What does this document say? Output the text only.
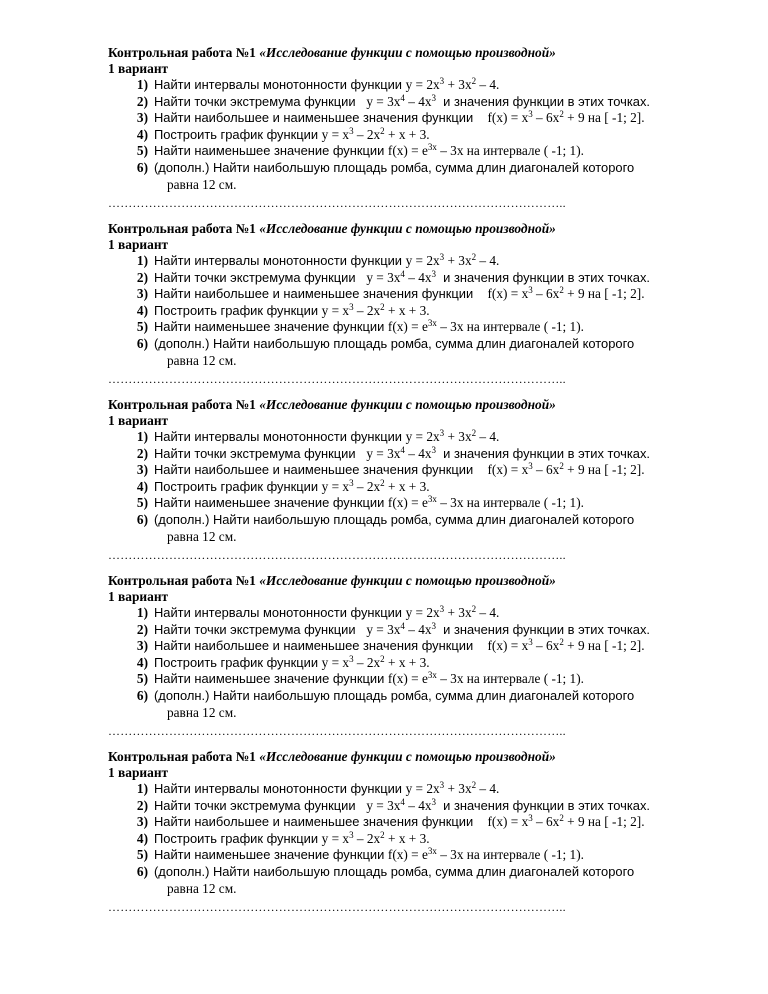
Контрольная работа №1 «Исследование функции с помощью производной»
1 вариант
1) Найти интервалы монотонности функции $y = 2x^3 + 3x^2 - 4$.
2) Найти точки экстремума функции   $y = 3x^4 - 4x^3$  и значения функции в этих точках.
3) Найти наибольшее и наименьшее значения функции    $f(x) = x^3 - 6x^2 + 9$ на [ -1; 2].
4) Построить график функции $y = x^3 - 2x^2 + x + 3$.
5) Найти наименьшее значение функции $f(x) = e^{3x} - 3x$ на интервале ( -1; 1).
6) (дополн.) Найти наибольшую площадь ромба, сумма длин диагоналей которого
равна 12 см.
…………………………………………………………………………………………………..
Контрольная работа №1 «Исследование функции с помощью производной»
1 вариант
1) Найти интервалы монотонности функции $y = 2x^3 + 3x^2 - 4$.
2) Найти точки экстремума функции   $y = 3x^4 - 4x^3$  и значения функции в этих точках.
3) Найти наибольшее и наименьшее значения функции    $f(x) = x^3 - 6x^2 + 9$ на [ -1; 2].
4) Построить график функции $y = x^3 - 2x^2 + x + 3$.
5) Найти наименьшее значение функции $f(x) = e^{3x} - 3x$ на интервале ( -1; 1).
6) (дополн.) Найти наибольшую площадь ромба, сумма длин диагоналей которого
равна 12 см.
…………………………………………………………………………………………………..
Контрольная работа №1 «Исследование функции с помощью производной»
1 вариант
1) Найти интервалы монотонности функции $y = 2x^3 + 3x^2 - 4$.
2) Найти точки экстремума функции   $y = 3x^4 - 4x^3$  и значения функции в этих точках.
3) Найти наибольшее и наименьшее значения функции    $f(x) = x^3 - 6x^2 + 9$ на [ -1; 2].
4) Построить график функции $y = x^3 - 2x^2 + x + 3$.
5) Найти наименьшее значение функции $f(x) = e^{3x} - 3x$ на интервале ( -1; 1).
6) (дополн.) Найти наибольшую площадь ромба, сумма длин диагоналей которого
равна 12 см.
…………………………………………………………………………………………………..
Контрольная работа №1 «Исследование функции с помощью производной»
1 вариант
1) Найти интервалы монотонности функции $y = 2x^3 + 3x^2 - 4$.
2) Найти точки экстремума функции   $y = 3x^4 - 4x^3$  и значения функции в этих точках.
3) Найти наибольшее и наименьшее значения функции    $f(x) = x^3 - 6x^2 + 9$ на [ -1; 2].
4) Построить график функции $y = x^3 - 2x^2 + x + 3$.
5) Найти наименьшее значение функции $f(x) = e^{3x} - 3x$ на интервале ( -1; 1).
6) (дополн.) Найти наибольшую площадь ромба, сумма длин диагоналей которого
равна 12 см.
…………………………………………………………………………………………………..
Контрольная работа №1 «Исследование функции с помощью производной»
1 вариант
1) Найти интервалы монотонности функции $y = 2x^3 + 3x^2 - 4$.
2) Найти точки экстремума функции   $y = 3x^4 - 4x^3$  и значения функции в этих точках.
3) Найти наибольшее и наименьшее значения функции    $f(x) = x^3 - 6x^2 + 9$ на [ -1; 2].
4) Построить график функции $y = x^3 - 2x^2 + x + 3$.
5) Найти наименьшее значение функции $f(x) = e^{3x} - 3x$ на интервале ( -1; 1).
6) (дополн.) Найти наибольшую площадь ромба, сумма длин диагоналей которого
равна 12 см.
…………………………………………………………………………………………………..
